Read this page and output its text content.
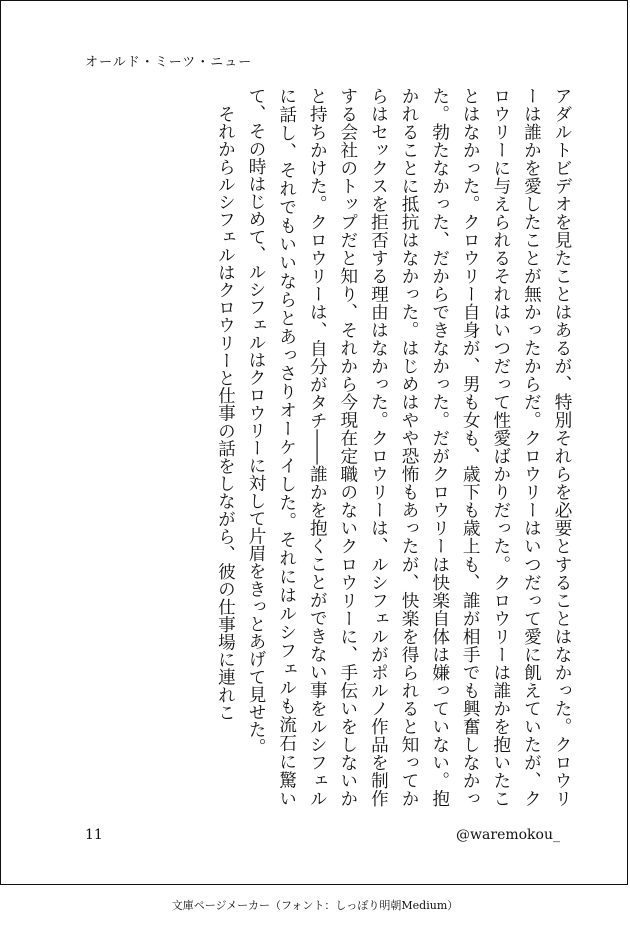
オールド・ミーツ・ニュー

アダルトビデオを見たことはあるが、特別それらを必要とすることはなかった。クロウリーは誰かを愛したことが無かったからだ。クロウリーはいつだって愛に飢えていたが、クロウリーに与えられるそれはいつだって性愛ばかりだった。クロウリーは誰かを抱いたことはなかった。クロウリー自身が、男も女も、歳下も歳上も、誰が相手でも興奮しなかった。勃たなかった、だからできなかった。だがクロウリーは快楽自体は嫌っていない。抱かれることに抵抗はなかった。はじめはやや恐怖もあったが、快楽を得られると知ってからはセックスを拒否する理由はなかった。クロウリーは、ルシフェルがポルノ作品を制作する会社のトップだと知り、それから今現在定職のないクロウリーに、手伝いをしないかと持ちかけた。クロウリーは、自分がタチ――誰かを抱くことができない事をルシフェルに話し、それでもいいならとあっさりオーケイした。それにはルシフェルも流石に驚いて、その時はじめて、ルシフェルはクロウリーに対して片眉をきっとあげて見せた。

それからルシフェルはクロウリーと仕事の話をしながら、彼の仕事場に連れこ

11	@waremokou_
文庫ページメーカー（フォント：しっぽり明朝Medium）
